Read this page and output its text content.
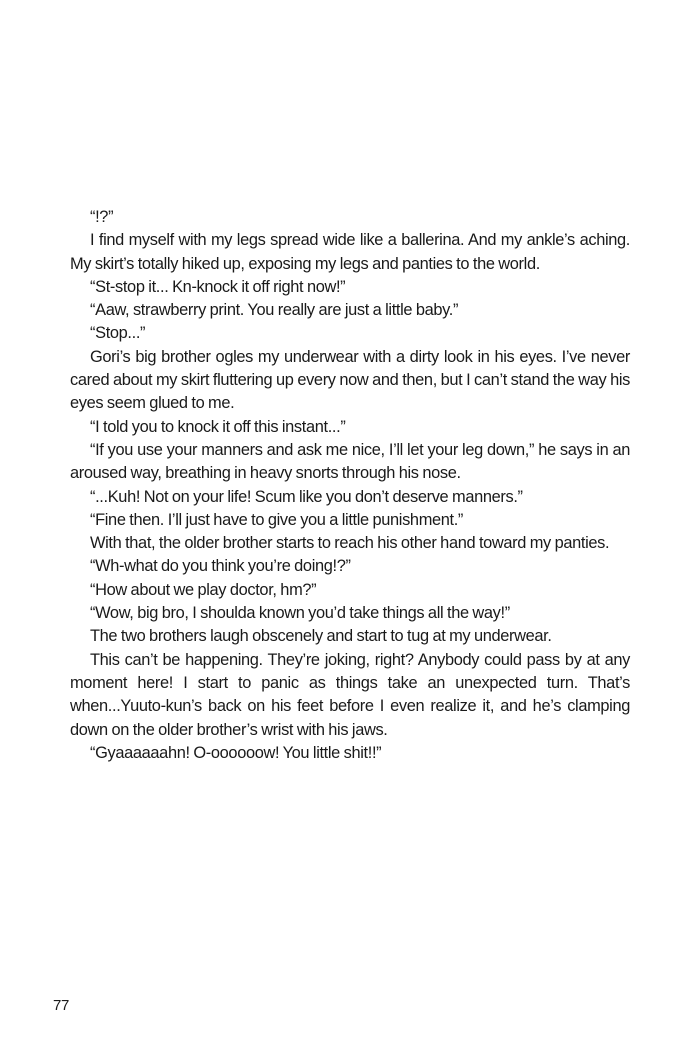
“!?”

I find myself with my legs spread wide like a ballerina. And my ankle’s aching. My skirt’s totally hiked up, exposing my legs and panties to the world.

“St-stop it... Kn-knock it off right now!”

“Aaw, strawberry print. You really are just a little baby.”

“Stop...”

Gori’s big brother ogles my underwear with a dirty look in his eyes. I’ve never cared about my skirt fluttering up every now and then, but I can’t stand the way his eyes seem glued to me.

“I told you to knock it off this instant...”

“If you use your manners and ask me nice, I’ll let your leg down,” he says in an aroused way, breathing in heavy snorts through his nose.

“...Kuh! Not on your life! Scum like you don’t deserve manners.”

“Fine then. I’ll just have to give you a little punishment.”

With that, the older brother starts to reach his other hand toward my panties.

“Wh-what do you think you’re doing!?”

“How about we play doctor, hm?”

“Wow, big bro, I shoulda known you’d take things all the way!”

The two brothers laugh obscenely and start to tug at my underwear.

This can’t be happening. They’re joking, right? Anybody could pass by at any moment here! I start to panic as things take an unexpected turn. That’s when...Yuuto-kun’s back on his feet before I even realize it, and he’s clamping down on the older brother’s wrist with his jaws.

“Gyaaaaaahn! O-oooooow! You little shit!!”

77
